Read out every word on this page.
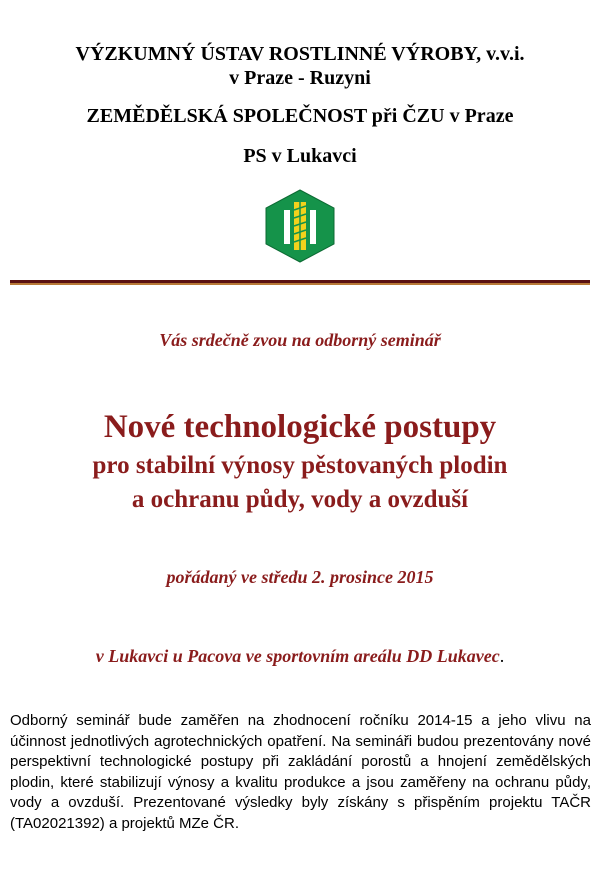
VÝZKUMNÝ ÚSTAV ROSTLINNÉ VÝROBY, v.v.i.

v Praze - Ruzyni

ZEMĚDĚLSKÁ SPOLEČNOST při ČZU v Praze

PS v Lukavci

Vás srdečně zvou na odborný seminář

Nové technologické postupy

pro stabilní výnosy pěstovaných plodin

a ochranu půdy, vody a ovzduší

pořádaný ve středu 2. prosince 2015

v Lukavci u Pacova ve sportovním areálu DD Lukavec.

Odborný seminář bude zaměřen na zhodnocení ročníku 2014-15 a jeho vlivu na účinnost jednotlivých agrotechnických opatření. Na semináři budou prezentovány nové perspektivní technologické postupy při zakládání porostů a hnojení zemědělských plodin, které stabilizují výnosy a kvalitu produkce a jsou zaměřeny na ochranu půdy, vody a ovzduší. Prezentované výsledky byly získány s přispěním projektu TAČR (TA02021392) a projektů MZe ČR.
